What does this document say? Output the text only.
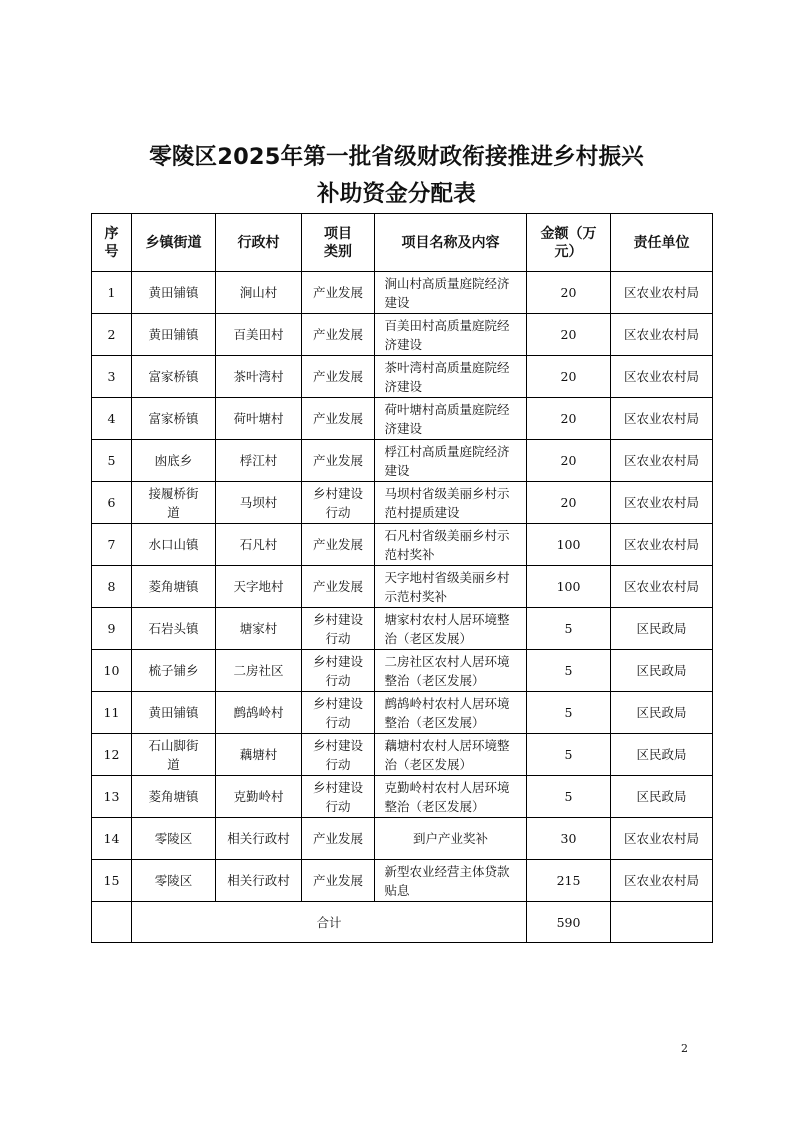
零陵区2025年第一批省级财政衔接推进乡村振兴
补助资金分配表
序号	乡镇街道	行政村	项目类别	项目名称及内容	金额（万元）	责任单位
1	黄田铺镇	涧山村	产业发展	涧山村高质量庭院经济建设	20	区农业农村局
2	黄田铺镇	百美田村	产业发展	百美田村高质量庭院经济建设	20	区农业农村局
3	富家桥镇	茶叶湾村	产业发展	茶叶湾村高质量庭院经济建设	20	区农业农村局
4	富家桥镇	荷叶塘村	产业发展	荷叶塘村高质量庭院经济建设	20	区农业农村局
5	凼底乡	桴江村	产业发展	桴江村高质量庭院经济建设	20	区农业农村局
6	接履桥街道	马坝村	乡村建设行动	马坝村省级美丽乡村示范村提质建设	20	区农业农村局
7	水口山镇	石凡村	产业发展	石凡村省级美丽乡村示范村奖补	100	区农业农村局
8	菱角塘镇	天字地村	产业发展	天字地村省级美丽乡村示范村奖补	100	区农业农村局
9	石岩头镇	塘家村	乡村建设行动	塘家村农村人居环境整治（老区发展）	5	区民政局
10	梳子铺乡	二房社区	乡村建设行动	二房社区农村人居环境整治（老区发展）	5	区民政局
11	黄田铺镇	鹧鸪岭村	乡村建设行动	鹧鸪岭村农村人居环境整治（老区发展）	5	区民政局
12	石山脚街道	藕塘村	乡村建设行动	藕塘村农村人居环境整治（老区发展）	5	区民政局
13	菱角塘镇	克勤岭村	乡村建设行动	克勤岭村农村人居环境整治（老区发展）	5	区民政局
14	零陵区	相关行政村	产业发展	到户产业奖补	30	区农业农村局
15	零陵区	相关行政村	产业发展	新型农业经营主体贷款贴息	215	区农业农村局
	合计				590	
2
